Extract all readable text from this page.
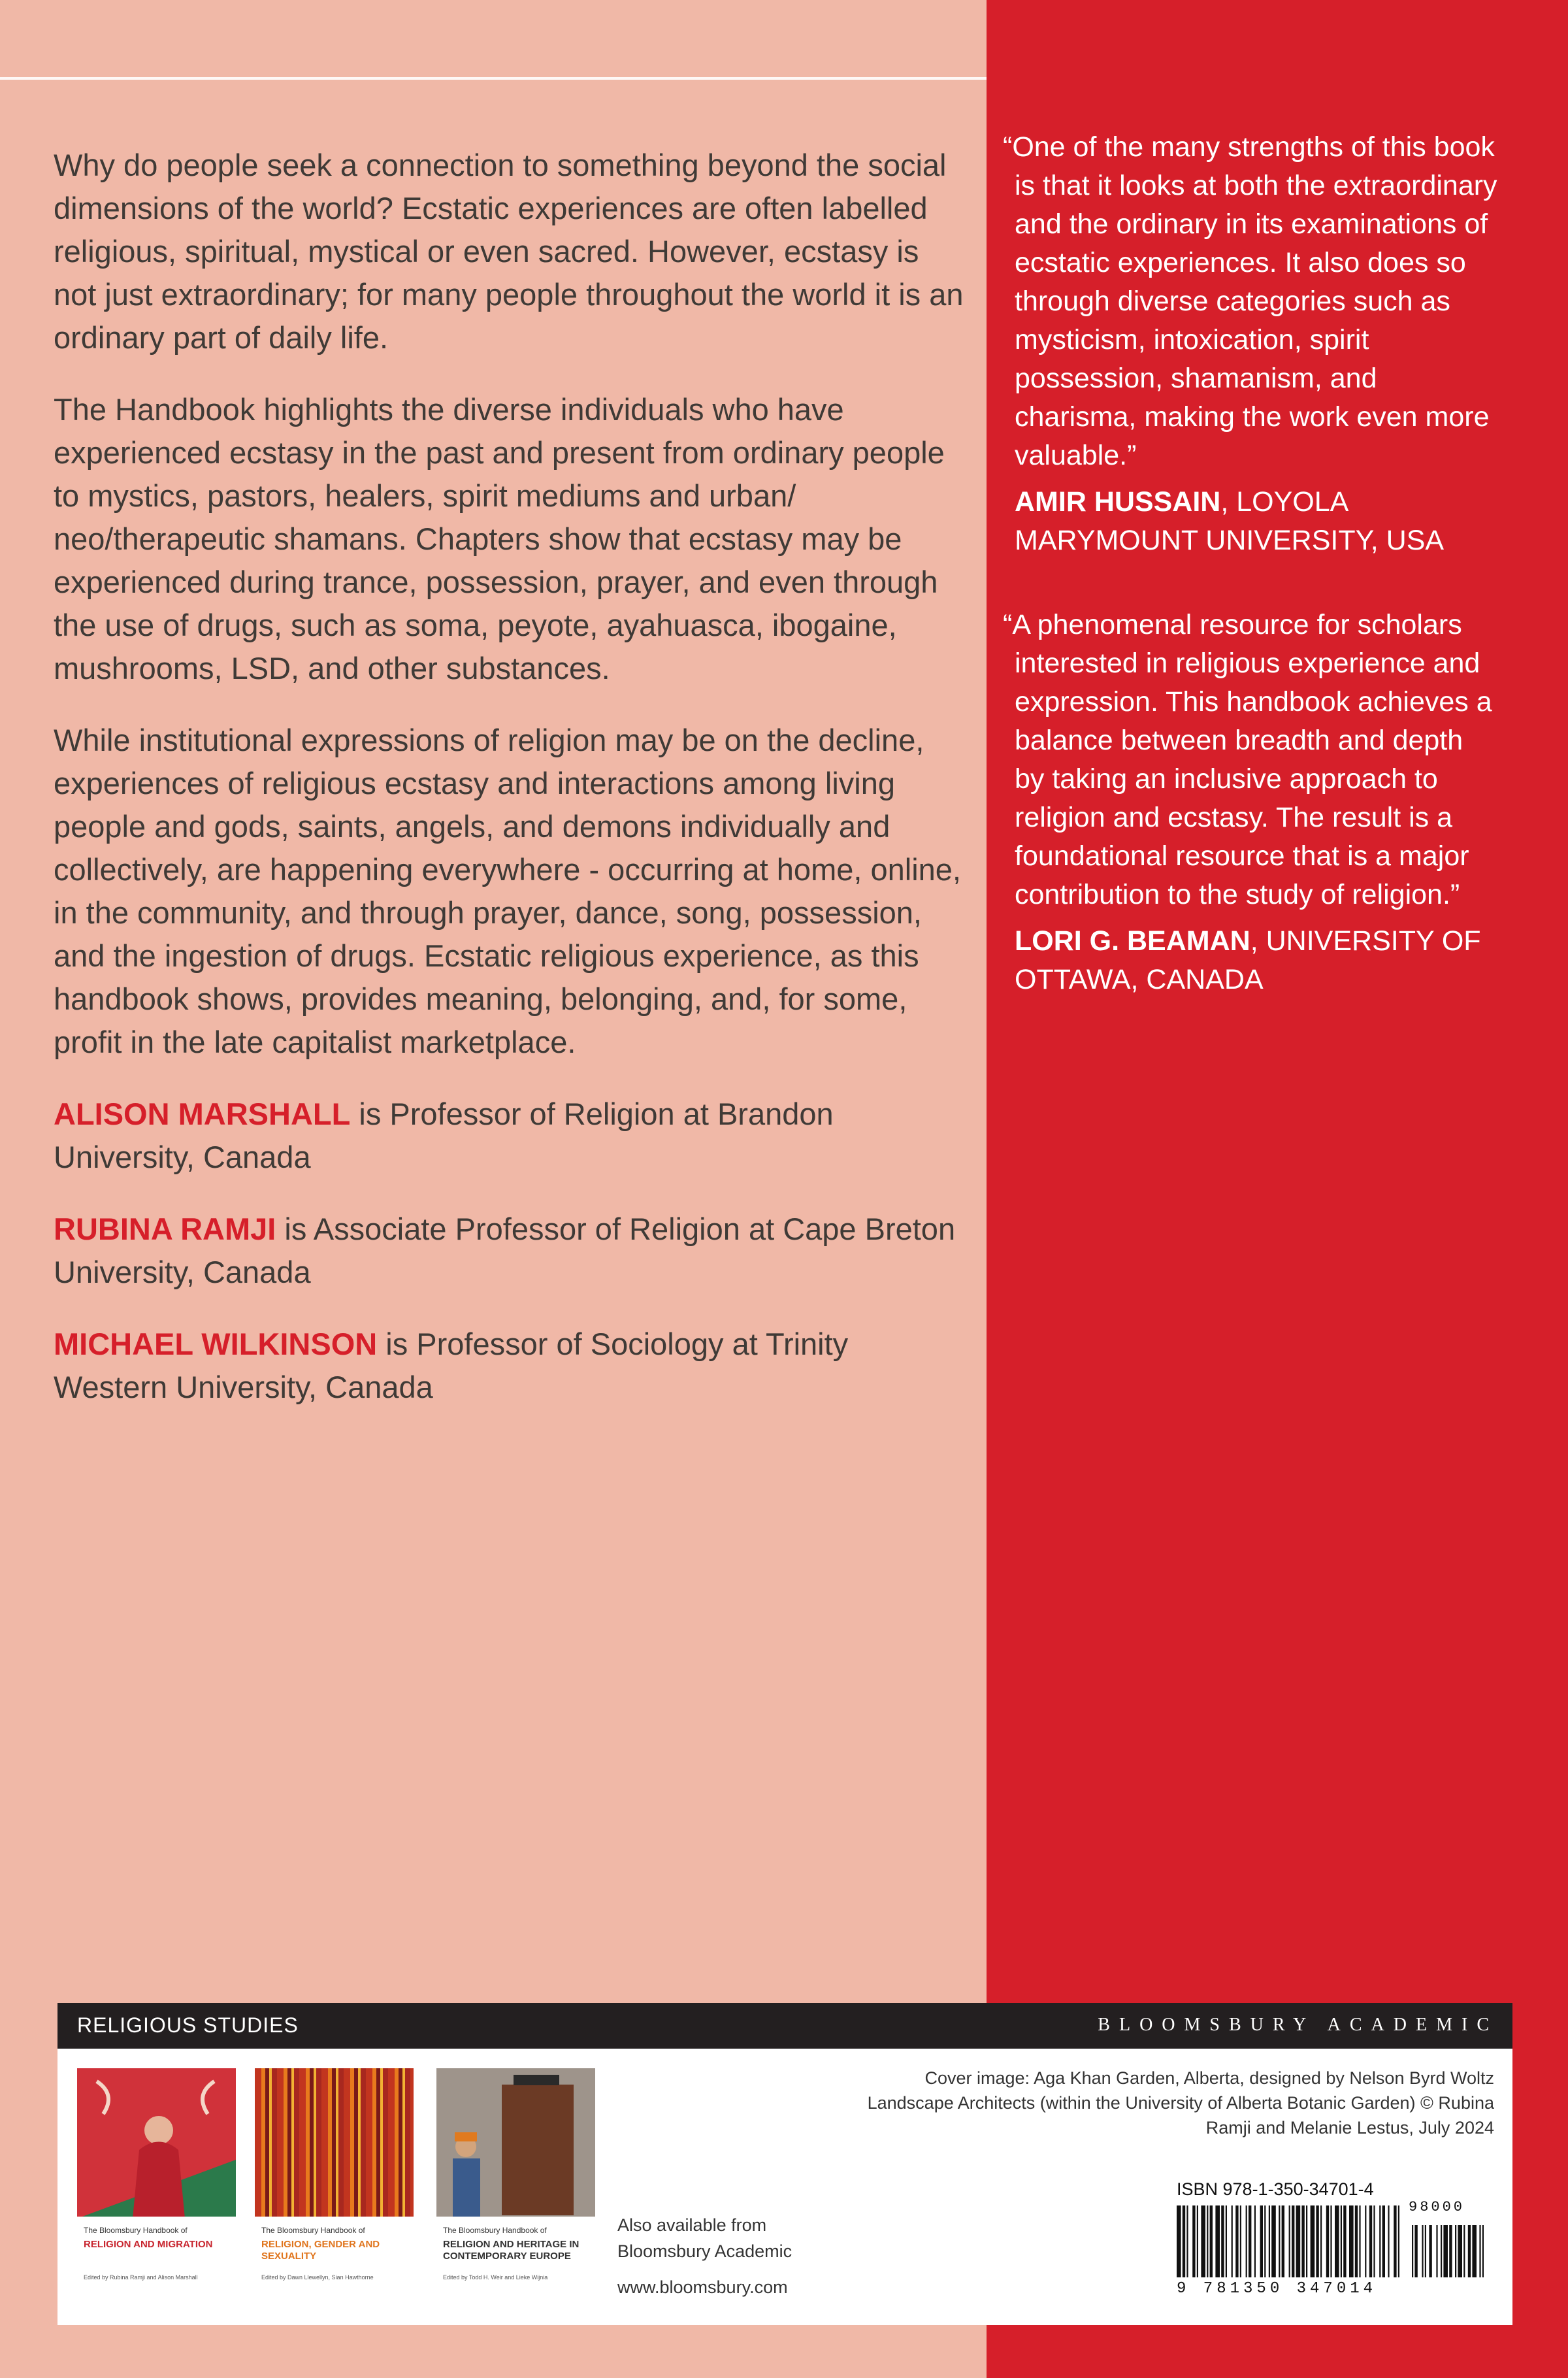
Why do people seek a connection to something beyond the social dimensions of the world? Ecstatic experiences are often labelled religious, spiritual, mystical or even sacred. However, ecstasy is not just extraordinary; for many people throughout the world it is an ordinary part of daily life.

The Handbook highlights the diverse individuals who have experienced ecstasy in the past and present from ordinary people to mystics, pastors, healers, spirit mediums and urban/ neo/therapeutic shamans. Chapters show that ecstasy may be experienced during trance, possession, prayer, and even through the use of drugs, such as soma, peyote, ayahuasca, ibogaine, mushrooms, LSD, and other substances.

While institutional expressions of religion may be on the decline, experiences of religious ecstasy and interactions among living people and gods, saints, angels, and demons individually and collectively, are happening everywhere - occurring at home, online, in the community, and through prayer, dance, song, possession, and the ingestion of drugs. Ecstatic religious experience, as this handbook shows, provides meaning, belonging, and, for some, profit in the late capitalist marketplace.

ALISON MARSHALL is Professor of Religion at Brandon University, Canada
RUBINA RAMJI is Associate Professor of Religion at Cape Breton University, Canada
MICHAEL WILKINSON is Professor of Sociology at Trinity Western University, Canada
“One of the many strengths of this book is that it looks at both the extraordinary and the ordinary in its examinations of ecstatic experiences. It also does so through diverse categories such as mysticism, intoxication, spirit possession, shamanism, and charisma, making the work even more valuable.”
AMIR HUSSAIN, LOYOLA MARYMOUNT UNIVERSITY, USA
“A phenomenal resource for scholars interested in religious experience and expression. This handbook achieves a balance between breadth and depth by taking an inclusive approach to religion and ecstasy. The result is a foundational resource that is a major contribution to the study of religion.”
LORI G. BEAMAN, UNIVERSITY OF OTTAWA, CANADA
RELIGIOUS STUDIES	BLOOMSBURY ACADEMIC
The Bloomsbury Handbook of
RELIGION AND MIGRATION
Edited by Rubina Ramji and Alison Marshall
The Bloomsbury Handbook of
RELIGION, GENDER AND SEXUALITY
Edited by Dawn Llewellyn, Sian Hawthorne
The Bloomsbury Handbook of
RELIGION AND HERITAGE IN CONTEMPORARY EUROPE
Edited by Todd H. Weir and Lieke Wijnia
Also available from
Bloomsbury Academic
www.bloomsbury.com
Cover image: Aga Khan Garden, Alberta, designed by Nelson Byrd Woltz Landscape Architects (within the University of Alberta Botanic Garden) © Rubina Ramji and Melanie Lestus, July 2024
ISBN 978-1-350-34701-4
98000
9 781350 347014
